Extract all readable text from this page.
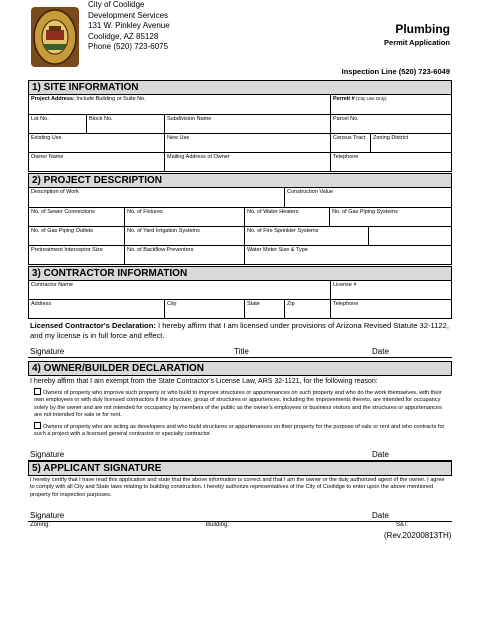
City of Coolidge
Development Services
131 W. Pinkley Avenue
Coolidge, AZ 85128
Phone (520) 723-6075
Plumbing
Permit Application
Inspection Line (520) 723-6049
1) SITE INFORMATION
Project Address: Include Building or Suite No.	Permit # (City Use Only)
Lot No.	Block No.	Subdivision Name	Parcel No.
Existing Use	New Use	Census Tract	Zoning District
Owner Name	Mailing Address of Owner	Telephone
2) PROJECT DESCRIPTION
Description of Work	Construction Value
No. of Sewer Connections	No. of Fixtures	No. of Water Heaters	No. of Gas Piping Systems
No. of Gas Piping Outlets	No. of Yard Irrigation Systems	No. of Fire Sprinkler Systems
Pretreatment Interceptor Size	No. of Backflow Preventers	Water Meter Size & Type
3) CONTRACTOR INFORMATION
Contractor Name	License #
Address	City	State	Zip	Telephone
Licensed Contractor's Declaration: I hereby affirm that I am licensed under provisions of Arizona Revised Statute 32-1122, and my license is in full force and effect.
Signature	Title	Date
4) OWNER/BUILDER DECLARATION
I hereby affirm that I am exempt from the State Contractor's License Law, ARS 32-1121, for the following reason:
Owners of property who improve such property or who build to improve structures or appurtenances on such property and who do the work themselves, with their own employees or with duly licensed contractors if the structure, group of structures or appurtences, including the improvements thereto, are intended for occupancy solely by the owner and are not intended for occupancy by members of the public as the owner's employees or business visitors and the structures or appurtenances are not intended for sale or for rent.
Owners of property who are acting as developers and who build structures or appurtenances on their property for the purpose of sale or rent and who contracts for such a project with a licensed general contractor or specialty contractor.
Signature	Date
5) APPLICANT SIGNATURE
I hereby certify that I have read this application and state that the above information is correct and that I am the owner or the duly authorized agent of the owner. I agree to comply with all City and State laws relating to building construction. I hereby authorize representatives of the City of Coolidge to enter upon the above mentioned property for inspection purposes.
Signature	Date
Zoning:	Building:	S&T:
(Rev.20200813TH)
